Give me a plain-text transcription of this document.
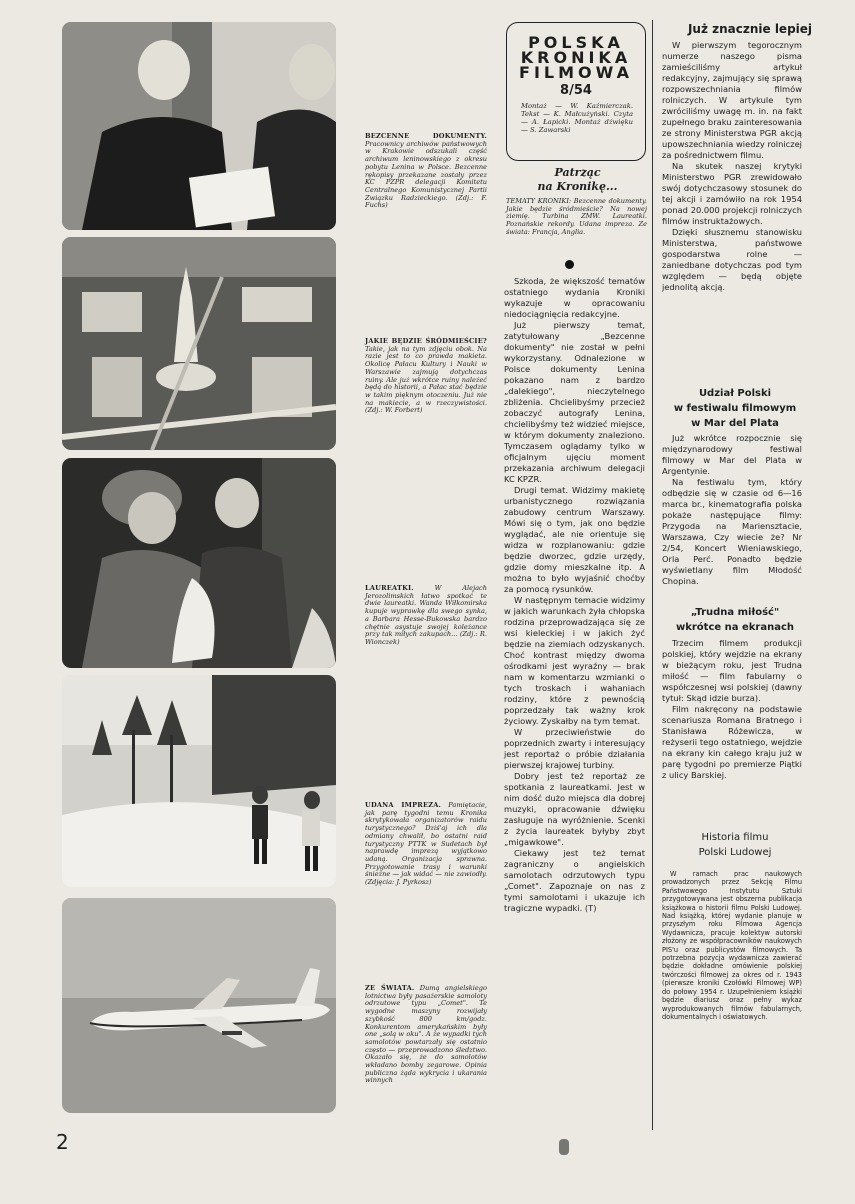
BEZCENNE DOKUMENTY. Pracownicy archiwów państwowych w Krakowie odszukali część archiwum leninowskiego z okresu pobytu Lenina w Polsce. Bezcenne rękopisy przekazane zostały przez KC PZPR delegacji Komitetu Centralnego Komunistycznej Partii Związku Radzieckiego. (Zdj.: F. Fuchs)
JAKIE BĘDZIE ŚRÓDMIEŚCIE? Takie, jak na tym zdjęciu obok. Na razie jest to co prawda makieta. Okolicę Pałacu Kultury i Nauki w Warszawie zajmują dotychczas ruiny. Ale już wkrótce ruiny należeć będą do historii, a Pałac stać będzie w takim pięknym otoczeniu. Już nie na makiecie, a w rzeczywistości. (Zdj.: W. Forbert)
LAUREATKI. W Alejach Jerozolimskich łatwo spotkać te dwie laureatki. Wanda Wiłkomirska kupuje wyprawkę dla swego synka, a Barbara Hesse-Bukowska bardzo chętnie asystuje swojej koleżance przy tak miłych zakupach... (Zdj.: R. Wionczek)
UDANA IMPREZA. Pamiętacie, jak parę tygodni temu Kronika skrytykowała organizatorów raidu turystycznego? Dziś'aj ich dla odmiany chwalił, bo ostatni raid turystyczny PTTK w Sudetach był naprawdę imprezą wyjątkowo udaną. Organizacja sprawna. Przygotowanie trasy i warunki śnieżne — jak widać — nie zawiodły. (Zdjęcia: J. Pyrkosz)
ZE ŚWIATA. Dumą angielskiego lotnictwa były pasażerskie samoloty odrzutowe typu „Comet". Te wygodne maszyny rozwijały szybkość 800 km/godz. Konkurentom amerykańskim były one „solą w oku". A że wypadki tych samolotów powtarzały się ostatnio często — przeprowadzono śledztwo. Okazało się, że do samolotów wkładano bomby zegarowe. Opinia publiczna żąda wykrycia i ukarania winnych
POLSKA
KRONIKA
FILMOWA
8/54
Montaż — W. Kaźmierczak. Tekst — K. Małcużyński. Czyta — A. Łapicki. Montaż dźwięku — S. Zawarski
Patrząc
na Kronikę...
TEMATY KRONIKI: Bezcenne dokumenty. Jakie będzie śródmieście? Na nowej ziemię. Turbina ZMW. Laureatki. Poznańskie rekordy. Udana impreza. Ze świata: Francja, Anglia.

Szkoda, że większość tematów ostatniego wydania Kroniki wykazuje w opracowaniu niedociągnięcia redakcyjne.

Już pierwszy temat, zatytułowany „Bezcenne dokumenty" nie został w pełni wykorzystany. Odnalezione w Polsce dokumenty Lenina pokazano nam z bardzo „dalekiego", nieczytelnego zbliżenia. Chcielibyśmy przecież zobaczyć autografy Lenina, chcielibyśmy też widzieć miejsce, w którym dokumenty znaleziono. Tymczasem oglądamy tylko w oficjalnym ujęciu moment przekazania archiwum delegacji KC KPZR.

Drugi temat. Widzimy makietę urbanistycznego rozwiązania zabudowy centrum Warszawy. Mówi się o tym, jak ono będzie wyglądać, ale nie orientuje się widza w rozplanowaniu: gdzie będzie dworzec, gdzie urzędy, gdzie domy mieszkalne itp. A można to było wyjaśnić choćby za pomocą rysunków.

W następnym temacie widzimy w jakich warunkach żyła chłopska rodzina przeprowadzająca się ze wsi kieleckiej i w jakich żyć będzie na ziemiach odzyskanych. Choć kontrast między dwoma ośrodkami jest wyraźny — brak nam w komentarzu wzmianki o tych troskach i wahaniach rodziny, które z pewnością poprzedzały tak ważny krok życiowy. Zyskałby na tym temat.

W przeciwieństwie do poprzednich zwarty i interesujący jest reportaż o próbie działania pierwszej krajowej turbiny.

Dobry jest też reportaż ze spotkania z laureatkami. Jest w nim dość dużo miejsca dla dobrej muzyki, opracowanie dźwięku zasługuje na wyróżnienie. Scenki z życia laureatek byłyby zbyt „migawkowe".

Ciekawy jest też temat zagraniczny o angielskich samolotach odrzutowych typu „Comet". Zapoznaje on nas z tymi samolotami i ukazuje ich tragiczne wypadki. (T)

Już znacznie lepiej

W pierwszym tegorocznym numerze naszego pisma zamieściliśmy artykuł redakcyjny, zajmujący się sprawą rozpowszechniania filmów rolniczych. W artykule tym zwróciliśmy uwagę m. in. na fakt zupełnego braku zainteresowania ze strony Ministerstwa PGR akcją upowszechniania wiedzy rolniczej za pośrednictwem filmu.

Na skutek naszej krytyki Ministerstwo PGR zrewidowało swój dotychczasowy stosunek do tej akcji i zamówiło na rok 1954 ponad 20.000 projekcji rolniczych filmów instruktażowych.

Dzięki słusznemu stanowisku Ministerstwa, państwowe gospodarstwa rolne — zaniedbane dotychczas pod tym względem — będą objęte jednolitą akcją.

Udział Polski
w festiwalu filmowym
w Mar del Plata

Już wkrótce rozpocznie się międzynarodowy festiwal filmowy w Mar del Plata w Argentynie.

Na festiwalu tym, który odbędzie się w czasie od 6—16 marca br., kinematografia polska pokaże następujące filmy: Przygoda na Mariensztacie, Warszawa, Czy wiecie że? Nr 2/54, Koncert Wieniawskiego, Orla Perć. Ponadto będzie wyświetlany film Młodość Chopina.

„Trudna miłość"
wkrótce na ekranach

Trzecim filmem produkcji polskiej, który wejdzie na ekrany w bieżącym roku, jest Trudna miłość — film fabularny o współczesnej wsi polskiej (dawny tytuł: Skąd idzie burza).

Film nakręcony na podstawie scenariusza Romana Bratnego i Stanisława Różewicza, w reżyserii tego ostatniego, wejdzie na ekrany kin całego kraju już w parę tygodni po premierze Piątki z ulicy Barskiej.

Historia filmu
Polski Ludowej

W ramach prac naukowych prowadzonych przez Sekcję Filmu Państwowego Instytutu Sztuki przygotowywana jest obszerna publikacja książkowa o historii filmu Polski Ludowej. Nad książką, której wydanie planuje w przyszłym roku Filmowa Agencja Wydawnicza, pracuje kolektyw autorski złożony ze współpracowników naukowych PIS'u oraz publicystów filmowych. Ta potrzebna pozycja wydawnicza zawierać będzie dokładne omówienie polskiej twórczości filmowej za okres od r. 1943 (pierwsze kroniki Czołówki Filmowej WP) do połowy 1954 r. Uzupełnieniem książki będzie diariusz oraz pełny wykaz wyprodukowanych filmów fabularnych, dokumentalnych i oświatowych.

2
